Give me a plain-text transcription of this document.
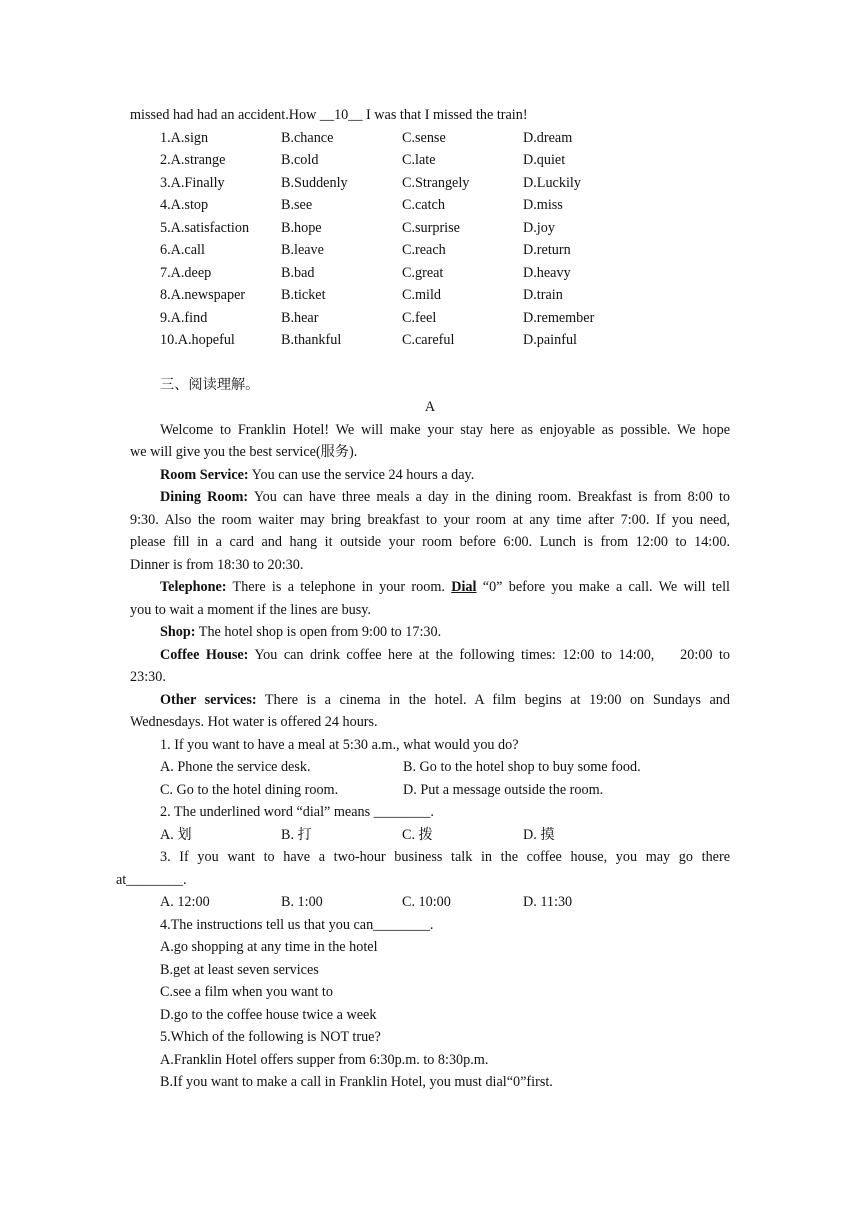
missed had had an accident.How __10__ I was that I missed the train!
1.A.sign	B.chance	C.sense	D.dream
2.A.strange	B.cold	C.late	D.quiet
3.A.Finally	B.Suddenly	C.Strangely	D.Luckily
4.A.stop	B.see	C.catch	D.miss
5.A.satisfaction	B.hope	C.surprise	D.joy
6.A.call	B.leave	C.reach	D.return
7.A.deep	B.bad	C.great	D.heavy
8.A.newspaper	B.ticket	C.mild	D.train
9.A.find	B.hear	C.feel	D.remember
10.A.hopeful	B.thankful	C.careful	D.painful
三、阅读理解。
A
Welcome to Franklin Hotel! We will make your stay here as enjoyable as possible. We hope
we will give you the best service(服务).
Room Service: You can use the service 24 hours a day.
Dining Room: You can have three meals a day in the dining room. Breakfast is from 8:00 to
9:30. Also the room waiter may bring breakfast to your room at any time after 7:00. If you need,
please fill in a card and hang it outside your room before 6:00. Lunch is from 12:00 to 14:00.
Dinner is from 18:30 to 20:30.
Telephone: There is a telephone in your room. Dial “0” before you make a call. We will tell
you to wait a moment if the lines are busy.
Shop: The hotel shop is open from 9:00 to 17:30.
Coffee House: You can drink coffee here at the following times: 12:00 to 14:00,    20:00 to
23:30.
Other services: There is a cinema in the hotel. A film begins at 19:00 on Sundays and
Wednesdays. Hot water is offered 24 hours.
1. If you want to have a meal at 5:30 a.m., what would you do?
A. Phone the service desk.	B. Go to the hotel shop to buy some food.
C. Go to the hotel dining room.	D. Put a message outside the room.
2. The underlined word “dial” means ________.
A. 划	B. 打	C. 拨	D. 摸
3. If you want to have a two-hour business talk in the coffee house, you may go there
at________.
A. 12:00	B. 1:00	C. 10:00	D. 11:30
4.The instructions tell us that you can________.
A.go shopping at any time in the hotel
B.get at least seven services
C.see a film when you want to
D.go to the coffee house twice a week
5.Which of the following is NOT true?
A.Franklin Hotel offers supper from 6:30p.m. to 8:30p.m.
B.If you want to make a call in Franklin Hotel, you must dial“0”first.
